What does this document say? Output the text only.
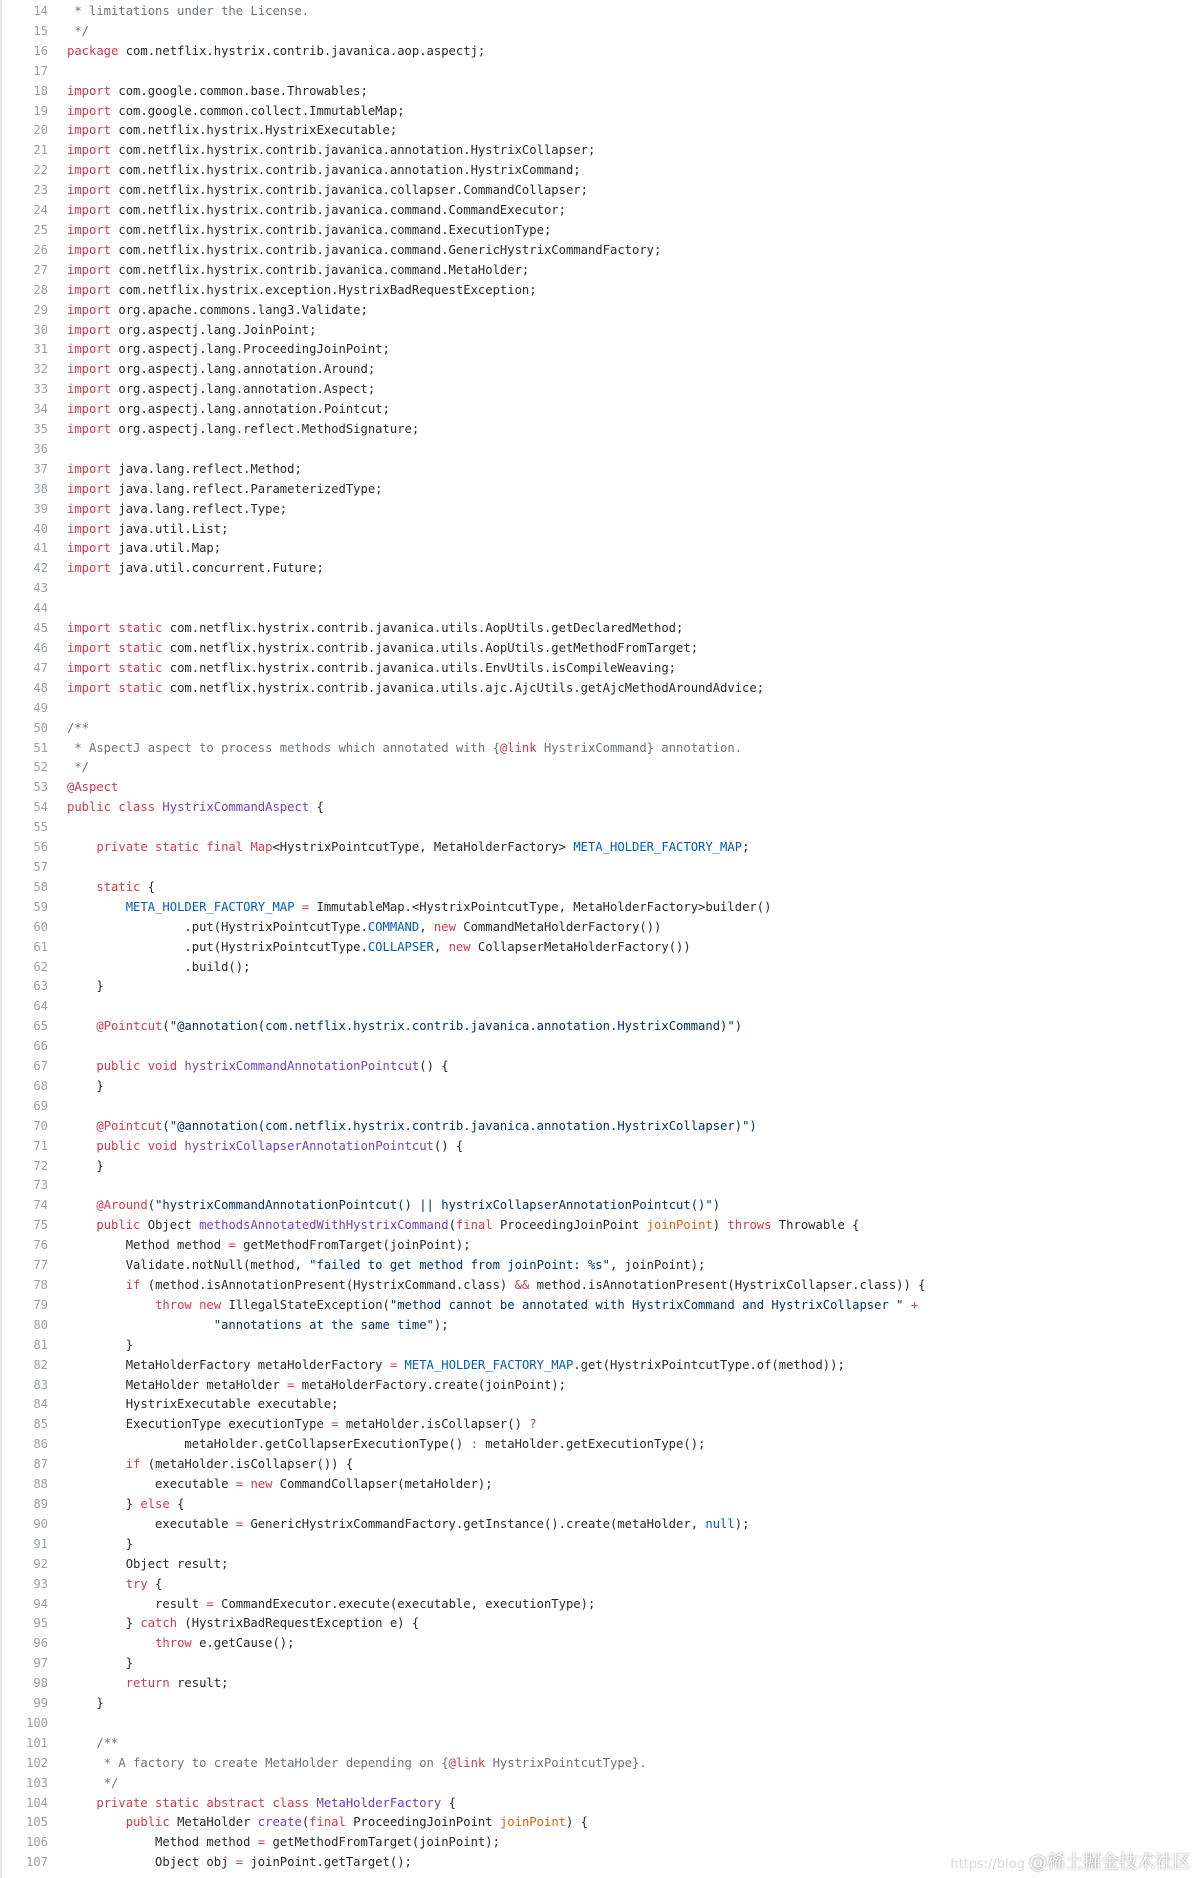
14	* limitations under the License.
15	*/
16	package com.netflix.hystrix.contrib.javanica.aop.aspectj;
17
18	import com.google.common.base.Throwables;
19	import com.google.common.collect.ImmutableMap;
20	import com.netflix.hystrix.HystrixExecutable;
21	import com.netflix.hystrix.contrib.javanica.annotation.HystrixCollapser;
22	import com.netflix.hystrix.contrib.javanica.annotation.HystrixCommand;
23	import com.netflix.hystrix.contrib.javanica.collapser.CommandCollapser;
24	import com.netflix.hystrix.contrib.javanica.command.CommandExecutor;
25	import com.netflix.hystrix.contrib.javanica.command.ExecutionType;
26	import com.netflix.hystrix.contrib.javanica.command.GenericHystrixCommandFactory;
27	import com.netflix.hystrix.contrib.javanica.command.MetaHolder;
28	import com.netflix.hystrix.exception.HystrixBadRequestException;
29	import org.apache.commons.lang3.Validate;
30	import org.aspectj.lang.JoinPoint;
31	import org.aspectj.lang.ProceedingJoinPoint;
32	import org.aspectj.lang.annotation.Around;
33	import org.aspectj.lang.annotation.Aspect;
34	import org.aspectj.lang.annotation.Pointcut;
35	import org.aspectj.lang.reflect.MethodSignature;
36
37	import java.lang.reflect.Method;
38	import java.lang.reflect.ParameterizedType;
39	import java.lang.reflect.Type;
40	import java.util.List;
41	import java.util.Map;
42	import java.util.concurrent.Future;
43
44
45	import static com.netflix.hystrix.contrib.javanica.utils.AopUtils.getDeclaredMethod;
46	import static com.netflix.hystrix.contrib.javanica.utils.AopUtils.getMethodFromTarget;
47	import static com.netflix.hystrix.contrib.javanica.utils.EnvUtils.isCompileWeaving;
48	import static com.netflix.hystrix.contrib.javanica.utils.ajc.AjcUtils.getAjcMethodAroundAdvice;
49
50	/**
51	* AspectJ aspect to process methods which annotated with {@link HystrixCommand} annotation.
52	*/
53	@Aspect
54	public class HystrixCommandAspect {
55
56	private static final Map<HystrixPointcutType, MetaHolderFactory> META_HOLDER_FACTORY_MAP;
57
58	static {
59	META_HOLDER_FACTORY_MAP = ImmutableMap.<HystrixPointcutType, MetaHolderFactory>builder()
60	.put(HystrixPointcutType.COMMAND, new CommandMetaHolderFactory())
61	.put(HystrixPointcutType.COLLAPSER, new CollapserMetaHolderFactory())
62	.build();
63	}
64
65	@Pointcut("@annotation(com.netflix.hystrix.contrib.javanica.annotation.HystrixCommand)")
66
67	public void hystrixCommandAnnotationPointcut() {
68	}
69
70	@Pointcut("@annotation(com.netflix.hystrix.contrib.javanica.annotation.HystrixCollapser)")
71	public void hystrixCollapserAnnotationPointcut() {
72	}
73
74	@Around("hystrixCommandAnnotationPointcut() || hystrixCollapserAnnotationPointcut()")
75	public Object methodsAnnotatedWithHystrixCommand(final ProceedingJoinPoint joinPoint) throws Throwable {
76	Method method = getMethodFromTarget(joinPoint);
77	Validate.notNull(method, "failed to get method from joinPoint: %s", joinPoint);
78	if (method.isAnnotationPresent(HystrixCommand.class) && method.isAnnotationPresent(HystrixCollapser.class)) {
79	throw new IllegalStateException("method cannot be annotated with HystrixCommand and HystrixCollapser " +
80	"annotations at the same time");
81	}
82	MetaHolderFactory metaHolderFactory = META_HOLDER_FACTORY_MAP.get(HystrixPointcutType.of(method));
83	MetaHolder metaHolder = metaHolderFactory.create(joinPoint);
84	HystrixExecutable executable;
85	ExecutionType executionType = metaHolder.isCollapser() ?
86	metaHolder.getCollapserExecutionType() : metaHolder.getExecutionType();
87	if (metaHolder.isCollapser()) {
88	executable = new CommandCollapser(metaHolder);
89	} else {
90	executable = GenericHystrixCommandFactory.getInstance().create(metaHolder, null);
91	}
92	Object result;
93	try {
94	result = CommandExecutor.execute(executable, executionType);
95	} catch (HystrixBadRequestException e) {
96	throw e.getCause();
97	}
98	return result;
99	}
100
101	/**
102	* A factory to create MetaHolder depending on {@link HystrixPointcutType}.
103	*/
104	private static abstract class MetaHolderFactory {
105	public MetaHolder create(final ProceedingJoinPoint joinPoint) {
106	Method method = getMethodFromTarget(joinPoint);
107	Object obj = joinPoint.getTarget();	https://blog @稀土掘金技术社区
